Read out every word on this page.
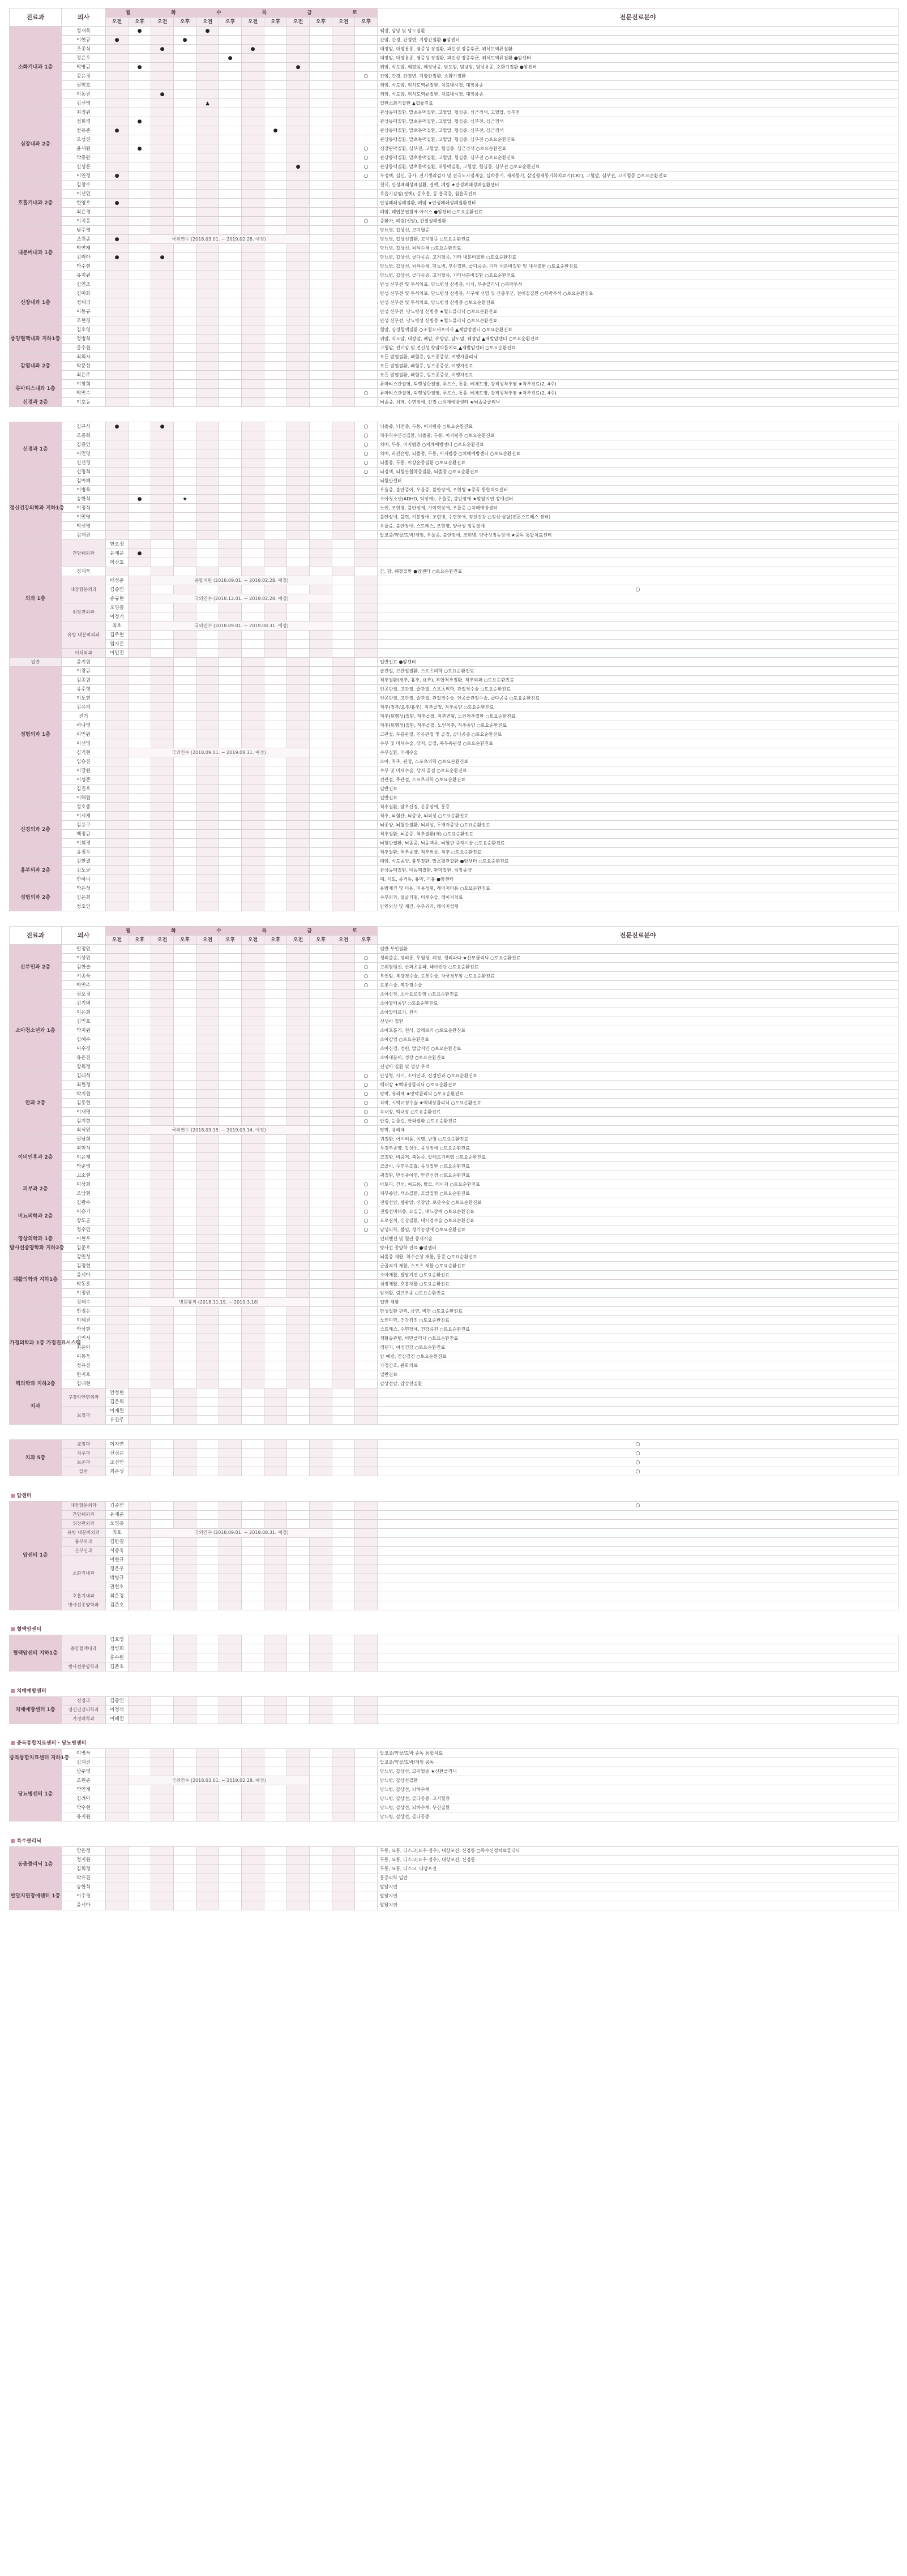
진료과	의사	월		화		수		목		금		토		전문진료분야
		오전	오후	오전	오후	오전	오후	오전	오후	오전	오후	오전	오후	
소화기내과 1층	정재욱		●			●								췌장, 담낭 및 담도질환
	이현규	●			●									간암, 간경, 간경변, 지방간질환 ●암센터
	조종식			●				●						대장암, 대장용종, 염증성 장질환, 과민성 장증후군, 위식도역류질환
	정은우						●							대장암, 대장용종, 염증성 장질환, 과민성 장증후군, 위식도역류질환 ●암센터
	박병규		●							●				위암, 식도암, 췌장암, 췌장낭종, 담도암, 담낭암, 담낭용종, 소화기질환 ●암센터
	강은정												○	간암, 간경, 간경변, 지방간질환, 소화기질환
	권현호													위암, 식도암, 위식도역류질환, 치료내시경, 대장용종
	이동진			●										위암, 식도암, 위식도역류질환, 치료내시경, 대장용종
	김선영					▲								일반소화기질환 ▲캡슐진료
심장내과 2층	최정원													관상동맥질환, 말초동맥질환, 고혈압, 협심증, 심근경색, 고혈압, 심부전
	정희경		●											관상동맥질환, 말초동맥질환, 고혈압, 협심증, 심부전, 심근경색
	전용준	●							●					관상동맥질환, 말초동맥질환, 고혈압, 협심증, 심부전, 심근경색
	오성진													관상동맥질환, 말초동맥질환, 고혈압, 협심증, 심부전 ○토요순환진료
	윤세원		●										○	심장판막질환, 심부전, 고혈압, 협심증, 심근경색 ○토요순환진료
	박종관												○	관상동맥질환, 말초동맥질환, 고혈압, 협심증, 심부전 ○토요순환진료
	신성훈									●			○	관상동맥질환, 말초동맥질환, 대동맥질환, 고혈압, 협심증, 심부전 ○토요순환진료
	이연정	●											○	부정맥, 실신, 급사, 전기생리검사 및 전극도자절제술, 심박동기, 제세동기, 삽입형재동기화치료기(CRT), 고혈압, 심부전, 고지혈증 ○토요순환진료
호흡기내과 2층	김창수													천식, 만성폐쇄성폐질환, 결핵, 폐렴 ★만성폐쇄성폐질환센터
	이선민													호흡기감염(결핵), 등호흡, 등 흡곡증, 침흡곡진료
	한영호	●												만성폐쇄성폐질환, 폐암 ★만성폐쇄성폐질환센터
	최은경													폐암, 폐엽분엽절제 아시스 ●암센터 ○토요순환진료
	이치홍												○	중환자, 폐렴(신앙), 간질성폐질환
내분비내과 1층	남주영													당뇨병, 갑상선, 고지혈증
	조원종	●	국외연수 (2018.03.01. ~ 2019.02.28. 예정)											당뇨병, 갑상선질환, 고지혈증 ○토요순환진료
	박연재													당뇨병, 갑상선, 뇌하수체 ○토요순환진료
	김려아	●		●										당뇨병, 갑상선, 골다공증, 고지혈증, 기타 내분비질환 ○토요순환진료
	박수현													당뇨병, 갑상선, 뇌하수체, 당뇨병, 부신질환, 골다공증, 기타 내분비질환 및 대사질환 ○토요순환진료
	유지원													당뇨병, 갑상선, 골다공증, 고지혈증, 기타내분비질환 ○토요순환진료
신장내과 1층	김연조													만성 신부전 및 투석치료, 당뇨병성 신병증, 이식, 부종클리닉 ○복막투석
	김미화													만성 신부전 및 투석치료, 당뇨병성 신병증, 사구체 신염 및 신증후군, 전해질질환 ○복막투석 ○토요순환진료
	정채리													만성 신부전 및 투석치료, 당뇨병성 신병증 ○토요순환진료
	이동규													만성 신부전, 당뇨병성 신병증 ★혈뇨클리닉 ○토요순환진료
	조현경													만성 신부전, 당뇨병성 신병증 ★혈뇨클리닉 ○토요순환진료
종양혈액내과 지하1층	김호영													혈암, 양성혈액질환 ○조혈모세포이식 ▲재발암센터 ○토요순환진료
	정병희													위암, 식도암, 대장암, 폐암, 유방암, 담도암, 췌장암 ▲재발암센터 ○토요순환진료
	홍수원													고형암, 전이암 및 전신성 항암약물치료 ▲재발암센터 ○토요순환진료
감염내과 2층	최의자													모든 발열질환, 패혈증, 림프종증상, 여행자클리닉
	박문선													모든 발열질환, 패혈증, 림프종증상, 여행자진료
	최은주													모든 발열질환, 패혈증, 림프종증상, 여행자진료
류마티스내과 1층	이창희													류마티스관절염, 퇴행성관절염, 루프스, 통풍, 베체트병, 강직성척추염 ★척추진료(2, 4주)
	박민수												○	류마티스관절염, 퇴행성관절염, 루프스, 통풍, 베체트병, 강직성척추염 ★척추진료(2, 4주)
신경과 2층	이호동													뇌졸중, 치매, 수면장애, 간질 ○치매예방센터 ★뇌졸중클리닉
신경과 1층	김규식	●		●									○	뇌졸중, 뇌전증, 두통, 어지럼증 ○토요순환진료	
	조종희												○	척추척수신경질환, 뇌졸중, 두통, 어지럼증 ○토요순환진료	
	김종인												○	치매, 두통, 어지럼증 ○치매예방센터 ○토요순환진료	
	이민영												○	치매, 파킨슨병, 뇌졸중, 두통, 어지럼증 ○치매예방센터 ○토요순환진료	
	신선경												○	뇌졸중, 두통, 이상운동질환 ○토요순환진료	
	신명희												○	뇌경색, 뇌혈관협착증질환, 뇌졸중 ○토요순환진료	
정신건강의학과 지하1층	김미혜													뇌혈관센터	
	이병욱													우울증, 불안증이, 우울증, 불안장애, 조현병 ★중독 통합치료센터	
	송한석		●		★									소아청소년(ADHD, 틱장애), 우울증, 불안장애 ★발달지연 장애센터	
	이정석													노인, 조현병, 불안장애, 기억력장애, 우울증 ○치매예방센터	
	이민영													불안장애, 불면, 기분장애, 조현병, 수면장애, 정신건강 ○정신·상담(전문스트레스 센터)	
	박선영													우울증, 불안장애, 스트레스, 조현병, 양극성 정동장애	
	김재진													알코올/약물/도박/게임, 우울증, 불안장애, 조현병, 양극성정동장애 ★중독 통합치료센터	
외과 1층	간담췌외과	한오정													
		윤세윤	●												
		이진호													
	정재욱													간, 담, 췌장질환 ●암센터 ○토요순환진료	
	대장항문외과	배성준		종합지원 (2018.09.01. ~ 2019.02.28. 예정)				
		김종민												○	
		송규현		국외연수 (2018.12.01. ~ 2019.02.28. 예정)				
	위장관외과	오명종													
		이정기													
	유방 내분비외과	최호		국외연수 (2018.09.01. ~ 2019.08.31. 예정)				
		김주현													
		임지은													
	이식외과	이민진													
일반	윤지원													일반진료 ●암센터	
정형외과 1층	이광규													슬관절, 고관절질환, 스포츠의학 ○토요순환진료	
	김종원													척추질환(경추, 흉추, 요추), 복합척추질환, 척추외과 ○토요순환진료	
	유주형													인공관절, 고관절, 슬관절, 스포츠의학, 관절경수술 ○토요순환진료	
	이도현													인공관절, 고관절, 슬관절, 관절경수술, 인공슬관절수술, 골다공증 ○토요순환진료	
	김유리													척추(경추/요추/흉추), 척추골절, 척추종양 ○토요순환진료	
	진기													척추(퇴행성)질환, 척추골절, 척추변형, 노인척추질환 ○토요순환진료	
	하나영													척추(퇴행성)질환, 척추골절, 노인척추, 척추종양 ○토요순환진료	
	이민원													고관절, 무릎관절, 인공관절 및 골절, 골다공증 ○토요순환진료	
	이선영													수부 및 미세수술, 상지, 골절, 족부족관절 ○토요순환진료	
	김기현		국외연수 (2018.09.01. ~ 2019.08.31. 예정)											수부질환, 미세수술	
	임승진													소아, 척추, 관절, 스포츠의학 ○토요순환진료	
	이강원													수부 및 미세수술, 상지 골절 ○토요순환진료	
	이성준													견관절, 주관절, 스포츠의학 ○토요순환진료	
	김진호													일반진료	
	이해원													일반진료	
신경외과 2층	정호중													척추질환, 말초신경, 운동장애, 통증	
	이서재													척추, 뇌혈관, 뇌종양, 뇌외상 ○토요순환진료	
	김응구													뇌종양, 뇌혈관질환, 뇌외상, 두개저종양 ○토요순환진료	
	백정규													척추질환, 뇌졸중, 척추질환(재) ○토요순환진료	
	이희경													뇌혈관질환, 뇌졸중, 뇌동맥류, 뇌혈관 중재시술 ○토요순환진료	
	유정우													척추질환, 척추종양, 척추외상, 척추 ○토요순환진료	
흉부외과 2층	김한결													폐암, 식도종양, 흉부질환, 말초혈관질환 ●암센터 ○토요순환진료	
	김도균													관상동맥질환, 대동맥질환, 판막질환, 심장종양	
	안하나													폐, 식도, 종격동, 흉막, 기흉 ●암센터	
성형외과 2층	박은성													유방재건 및 미용, 미용성형, 레이저미용 ○토요순환진료	
	김은희													수부외과, 얼굴기형, 미세수술, 레이저치료	
	정호인													안면외상 및 재건, 수부외과, 레이저성형	
진료과	의사	월		화		수		목		금		토		전문진료분야	
		오전	오후	오전	오후	오전	오후	오전	오후	오전	오후	오전	오후		
산부인과 2층	안정민													일반 부인질환	
	이상민												○	생리불순, 생리통, 무월경, 폐경, 생리과다 ★산모클리닉 ○토요순환진료	
	김한솔												○	고위험임신, 산과초음파, 태아진단 ○토요순환진료	
	서종욱												○	부인암, 복강경수술, 로봇수술, 자궁경부암 ○토요순환진료	
	박민주												○	로봇수술, 복강경수술	
소아청소년과 1층	권오정													소아신장, 소아요로감염 ○토요순환진료	
	김기백													소아혈액종양 ○토요순환진료	
	이은희													소아알레르기, 천식	
	김인호													신생아 질환	
	박지원													소아호흡기, 천식, 알레르기 ○토요순환진료	
	김혜수													소아감염 ○토요순환진료	
	이수경													소아신경, 경련, 발달지연 ○토요순환진료	
	유은진													소아내분비, 성장 ○토요순환진료	
	장희정													신생아 질환 및 성장 추적	
안과 2층	김래석												○	안성형, 사시, 소아안과, 신경안과 ○토요순환진료	
	최원정												○	백내장 ★백내장클리닉 ○토요순환진료	
	박지원												○	망막, 유리체 ★망막클리닉 ○토요순환진료	
	김동현												○	각막, 시력교정수술 ★백내장클리닉 ○토요순환진료	
	이재명												○	녹내장, 백내장 ○토요순환진료	
	김지현												○	안검, 눈물길, 안와질환 ○토요순환진료	
	최석민		국외연수 (2018.03.15. ~ 2019.03.14. 예정)											망막, 유리체	
이비인후과 2층	권남희													귀질환, 어지러움, 이명, 난청 ○토요순환진료	
	최현석													두경부종양, 갑상선, 음성장애 ○토요순환진료	
	이윤재													코질환, 비중격, 축농증, 알레르기비염 ○토요순환진료	
	박준영													코골이, 수면무호흡, 음성질환 ○토요순환진료	
	고소현													귀질환, 만성중이염, 안면신경 ○토요순환진료	
피부과 2층	이상희												○	아토피, 건선, 여드름, 탈모, 레이저 ○토요순환진료	
	조남현												○	피부종양, 색소질환, 모발질환 ○토요순환진료	
비뇨의학과 2층	김광수												○	전립선암, 방광암, 신장암, 로봇수술 ○토요순환진료	
	이승기												○	전립선비대증, 요실금, 배뇨장애 ○토요순환진료	
	장도균												○	요로결석, 신장질환, 내시경수술 ○토요순환진료	
	정수민												○	남성의학, 불임, 성기능장애 ○토요순환진료	
영상의학과 1층	이현우													인터벤션 및 혈관 중재시술	
방사선종양학과 지하2층	김준호													방사선 종양학 진료 ●암센터	
재활의학과 지하1층	강민성													뇌졸중 재활, 척수손상 재활, 통증 ○토요순환진료	
	김정현													근골격계 재활, 스포츠 재활 ○토요순환진료	
	윤서아													소아재활, 발달지연 ○토요순환진료	
	박동훈													심장재활, 호흡재활 ○토요순환진료	
	이정민													암재활, 림프부종 ○토요순환진료	
	정혜수		병원휴직 (2018.11.19. ~ 2019.3.18)											일반 재활	
가정의학과 1층 가정진료시스템	안정은													만성질환 관리, 금연, 비만 ○토요순환진료	
	이혜진													노인의학, 건강검진 ○토요순환진료	
	박상현													스트레스, 수면장애, 건강증진 ○토요순환진료	
	김민서													생활습관병, 비만클리닉 ○토요순환진료	
	최윤아													갱년기, 여성건강 ○토요순환진료	
	이동욱													암 예방, 건강검진 ○토요순환진료	
	정유진													가정간호, 완화의료	
	한지호													일반진료	
핵의학과 지하2층	김대현													갑상선암, 갑상선질환	
치과	구강악안면외과	안정현													
		김은희													
	보철과	이재원													
		유진주													
치과 5층	교정과	이지연												○	
	치주과	신정은												○	
	보존과	조선민												○	
	일반	최은성												○	
암센터															
암센터 1층	대장항문외과	김종민												○	
	간담췌외과	윤세윤													
	위장관외과	오명종													
	유방 내분비외과	최호		국외연수 (2018.09.01. ~ 2019.08.31. 예정)				
	흉부외과	김한결													
	산부인과	서종욱													
	소화기내과	이현규													
		정은우													
		박병규													
		권현호													
	호흡기내과	최은경													
	방사선종양학과	김준호													
혈액암센터															
혈액암센터 지하1층	종양혈액내과	김호영													
		정병희													
		홍수원													
	방사선종양학과	김준호													
치매예방센터															
치매예방센터 1층	신경과	김종인													
	정신건강의학과	이정석													
	가정의학과	이혜진													
중독통합치료센터 · 당뇨병센터														
중독통합치료센터 지하1층	이병욱													알코올/약물/도박 중독 통합치료
	김재진													알코올/약물/도박/게임 중독
당뇨병센터 1층	남주영													당뇨병, 갑상선, 고지혈증 ★신환클리닉
	조원종		국외연수 (2018.03.01. ~ 2019.02.28. 예정)											당뇨병, 갑상선질환
	박연재													당뇨병, 갑상선, 뇌하수체
	김려아													당뇨병, 갑상선, 골다공증, 고지혈증
	박수현													당뇨병, 갑상선, 뇌하수체, 부신질환
	유지원													당뇨병, 갑상선, 골다공증
특수클리닉														
동충클리닉 1층	안은정													두통, 요통, 디스크(요추·경추), 대상포진, 신경통 ○특수신경치료클리닉
	정지원													두통, 요통, 디스크(요추·경추), 대상포진, 신경통
	김희정													두통, 요통, 디스크, 대상포진
	박유진													통증의학 일반
발달지연장애센터 1층	송한석													발달지연
	이수경													발달지연
	윤서아													발달지연
